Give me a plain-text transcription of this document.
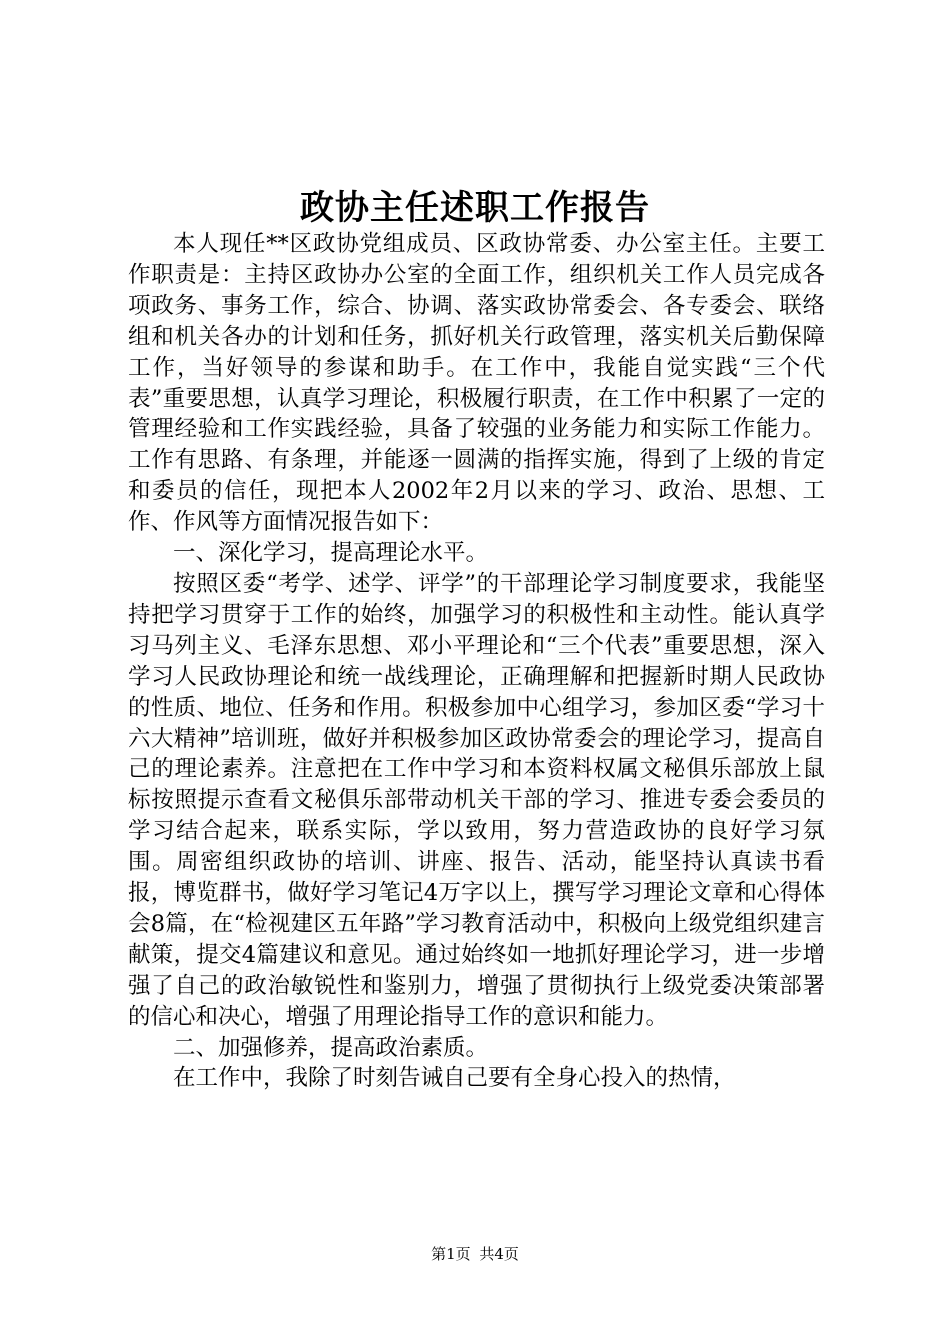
政协主任述职工作报告

本人现任**区政协党组成员、区政协常委、办公室主任。主要工作职责是：主持区政协办公室的全面工作，组织机关工作人员完成各项政务、事务工作，综合、协调、落实政协常委会、各专委会、联络组和机关各办的计划和任务，抓好机关行政管理，落实机关后勤保障工作，当好领导的参谋和助手。在工作中，我能自觉实践“三个代表”重要思想，认真学习理论，积极履行职责，在工作中积累了一定的管理经验和工作实践经验，具备了较强的业务能力和实际工作能力。工作有思路、有条理，并能逐一圆满的指挥实施，得到了上级的肯定和委员的信任，现把本人2002年2月以来的学习、政治、思想、工作、作风等方面情况报告如下：

一、深化学习，提高理论水平。

按照区委“考学、述学、评学”的干部理论学习制度要求，我能坚持把学习贯穿于工作的始终，加强学习的积极性和主动性。能认真学习马列主义、毛泽东思想、邓小平理论和“三个代表”重要思想，深入学习人民政协理论和统一战线理论，正确理解和把握新时期人民政协的性质、地位、任务和作用。积极参加中心组学习，参加区委“学习十六大精神”培训班，做好并积极参加区政协常委会的理论学习，提高自己的理论素养。注意把在工作中学习和本资料权属文秘俱乐部放上鼠标按照提示查看文秘俱乐部带动机关干部的学习、推进专委会委员的学习结合起来，联系实际，学以致用，努力营造政协的良好学习氛围。周密组织政协的培训、讲座、报告、活动，能坚持认真读书看报，博览群书，做好学习笔记4万字以上，撰写学习理论文章和心得体会8篇，在“检视建区五年路”学习教育活动中，积极向上级党组织建言献策，提交4篇建议和意见。通过始终如一地抓好理论学习，进一步增强了自己的政治敏锐性和鉴别力，增强了贯彻执行上级党委决策部署的信心和决心，增强了用理论指导工作的意识和能力。

二、加强修养，提高政治素质。

在工作中，我除了时刻告诫自己要有全身心投入的热情，

第1页 共4页
